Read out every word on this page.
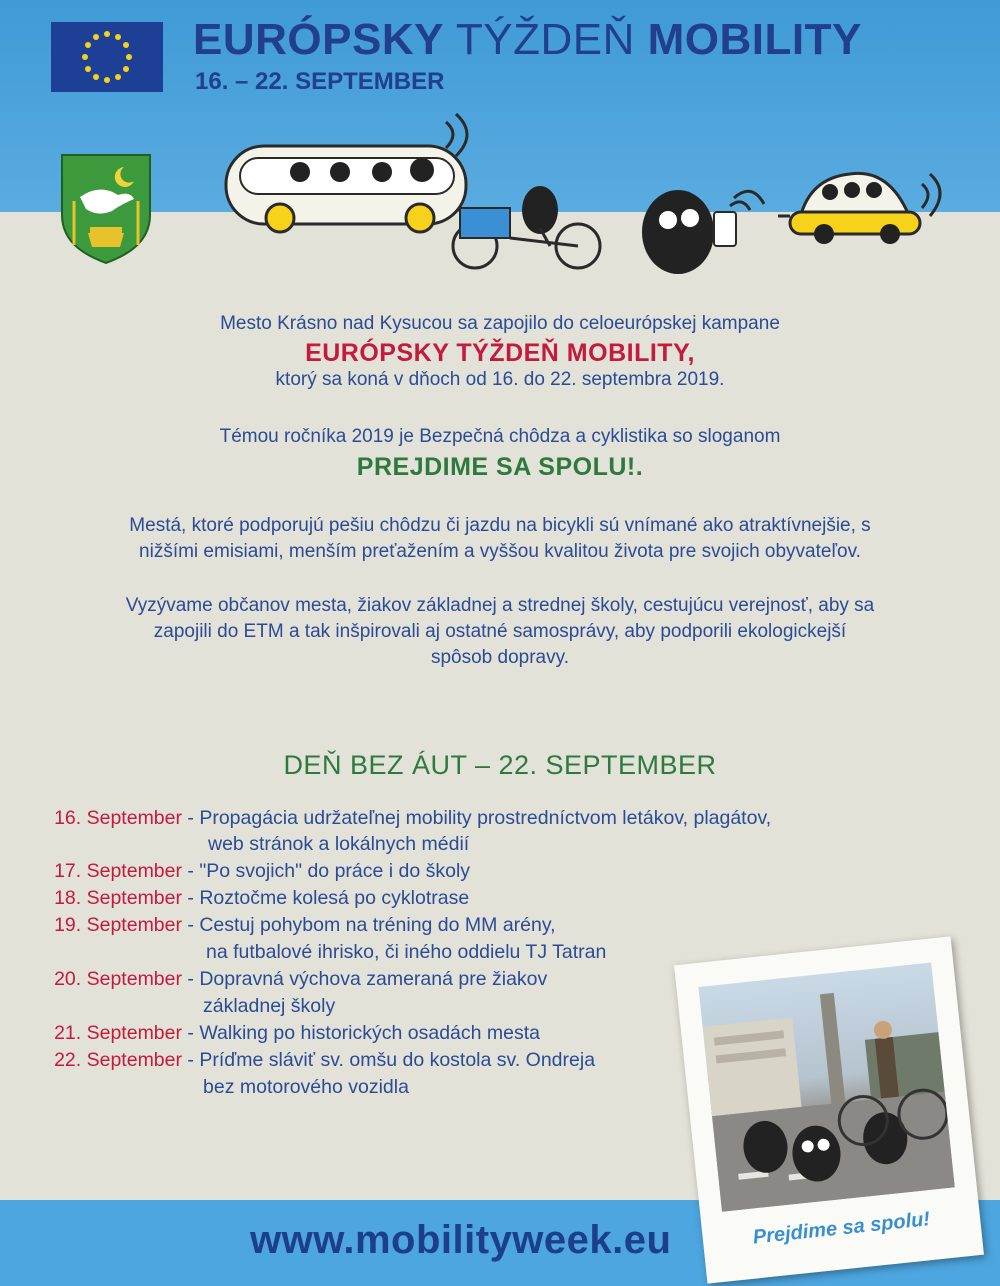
EURÓPSKY TÝŽDEŇ MOBILITY
16. – 22. SEPTEMBER
Mesto Krásno nad Kysucou sa zapojilo do celoeurópskej kampane
EURÓPSKY TÝŽDEŇ MOBILITY,
ktorý sa koná v dňoch od 16. do 22. septembra 2019.
Témou ročníka 2019 je Bezpečná chôdza a cyklistika so sloganom
PREJDIME SA SPOLU!.
Mestá, ktoré podporujú pešiu chôdzu či jazdu na bicykli sú vnímané ako atraktívnejšie, s
nižšími emisiami, menším preťažením a vyššou kvalitou života pre svojich obyvateľov.
Vyzývame občanov mesta, žiakov základnej a strednej školy, cestujúcu verejnosť, aby sa
zapojili do ETM a tak inšpirovali aj ostatné samosprávy, aby podporili ekologickejší
spôsob dopravy.
DEŇ BEZ ÁUT – 22. SEPTEMBER
16. September - Propagácia udržateľnej mobility prostredníctvom letákov, plagátov,
web stránok a lokálnych médií
17. September - "Po svojich" do práce i do školy
18. September - Roztočme kolesá po cyklotrase
19. September - Cestuj pohybom na tréning do MM arény,
na futbalové ihrisko, či iného oddielu TJ Tatran
20. September - Dopravná výchova zameraná pre žiakov
základnej školy
21. September - Walking po historických osadách mesta
22. September - Príďme sláviť sv. omšu do kostola sv. Ondreja
bez motorového vozidla
www.mobilityweek.eu	Prejdime sa spolu!
